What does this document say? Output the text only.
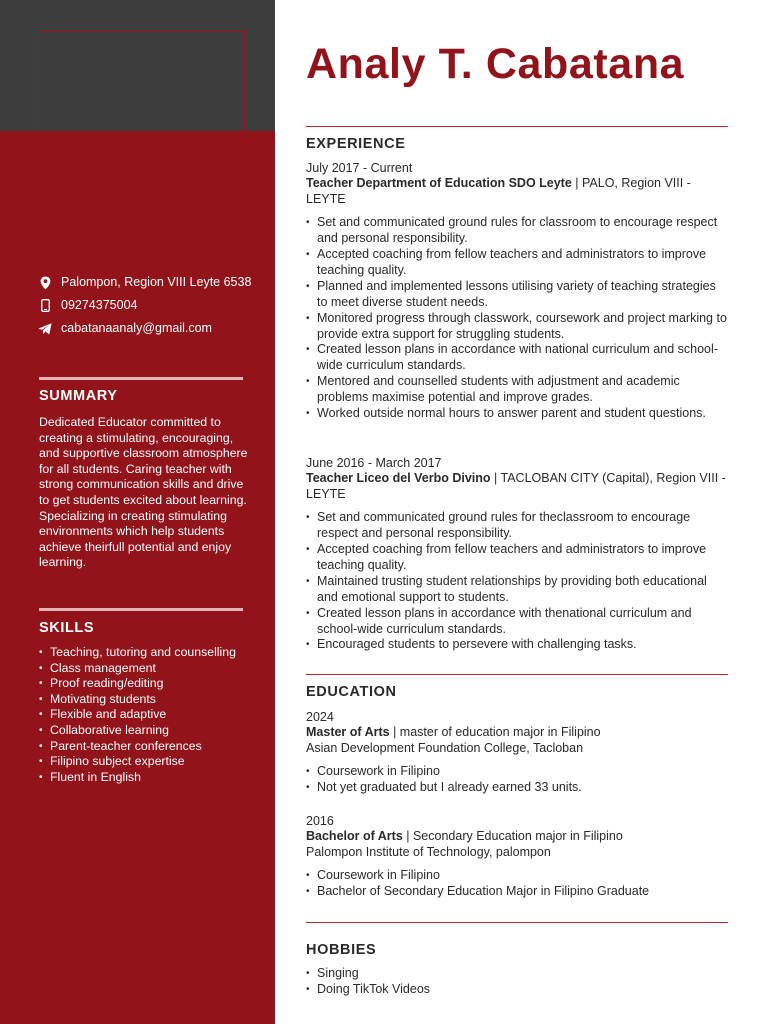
Palompon, Region VIII Leyte 6538
09274375004
cabatanaanaly@gmail.com
SUMMARY
Dedicated Educator committed to creating a stimulating, encouraging, and supportive classroom atmosphere for all students. Caring teacher with strong communication skills and drive to get students excited about learning. Specializing in creating stimulating environments which help students achieve theirfull potential and enjoy learning.
SKILLS
• Teaching, tutoring and counselling
• Class management
• Proof reading/editing
• Motivating students
• Flexible and adaptive
• Collaborative learning
• Parent-teacher conferences
• Filipino subject expertise
• Fluent in English
Analy T. Cabatana
EXPERIENCE
July 2017 - Current
Teacher Department of Education SDO Leyte | PALO, Region VIII - LEYTE
• Set and communicated ground rules for classroom to encourage respect and personal responsibility.
• Accepted coaching from fellow teachers and administrators to improve teaching quality.
• Planned and implemented lessons utilising variety of teaching strategies to meet diverse student needs.
• Monitored progress through classwork, coursework and project marking to provide extra support for struggling students.
• Created lesson plans in accordance with national curriculum and school-wide curriculum standards.
• Mentored and counselled students with adjustment and academic problems maximise potential and improve grades.
• Worked outside normal hours to answer parent and student questions.
June 2016 - March 2017
Teacher Liceo del Verbo Divino | TACLOBAN CITY (Capital), Region VIII - LEYTE
• Set and communicated ground rules for theclassroom to encourage respect and personal responsibility.
• Accepted coaching from fellow teachers and administrators to improve teaching quality.
• Maintained trusting student relationships by providing both educational and emotional support to students.
• Created lesson plans in accordance with thenational curriculum and school-wide curriculum standards.
• Encouraged students to persevere with challenging tasks.
EDUCATION
2024
Master of Arts | master of education major in Filipino
Asian Development Foundation College, Tacloban
• Coursework in Filipino
• Not yet graduated but I already earned 33 units.
2016
Bachelor of Arts | Secondary Education major in Filipino
Palompon Institute of Technology, palompon
• Coursework in Filipino
• Bachelor of Secondary Education Major in Filipino Graduate
HOBBIES
• Singing
• Doing TikTok Videos
